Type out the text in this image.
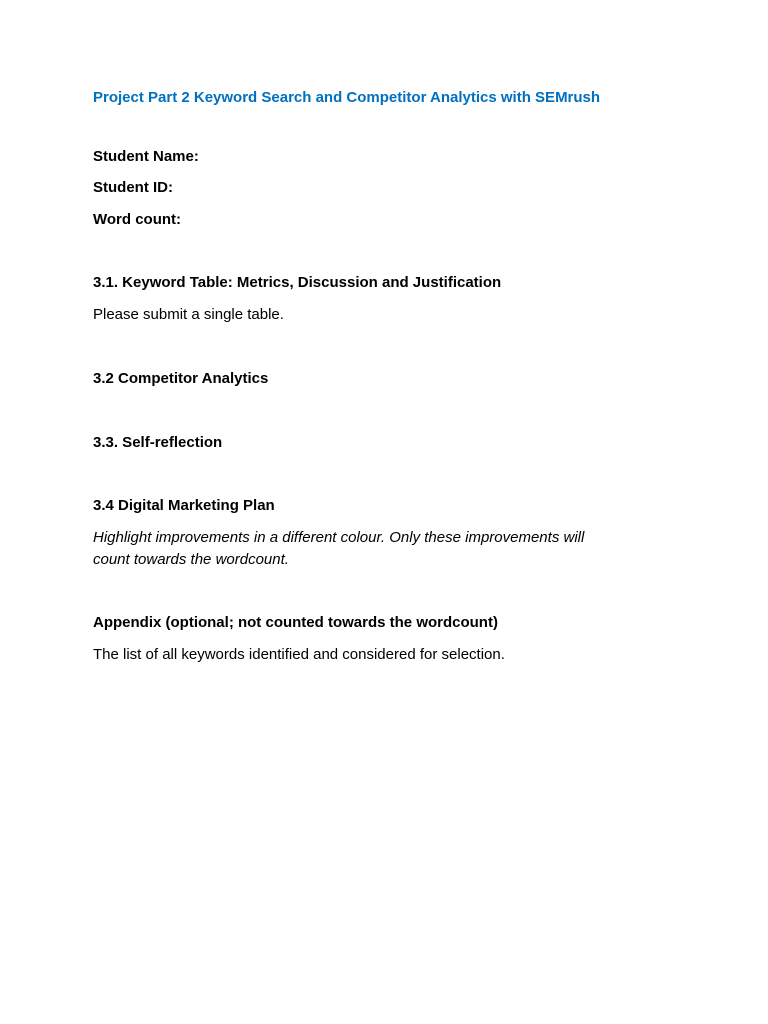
Project Part 2 Keyword Search and Competitor Analytics with SEMrush
Student Name:
Student ID:
Word count:
3.1. Keyword Table: Metrics, Discussion and Justification
Please submit a single table.
3.2 Competitor Analytics
3.3. Self-reflection
3.4 Digital Marketing Plan
Highlight improvements in a different colour. Only these improvements will
count towards the wordcount.
Appendix (optional; not counted towards the wordcount)
The list of all keywords identified and considered for selection.
